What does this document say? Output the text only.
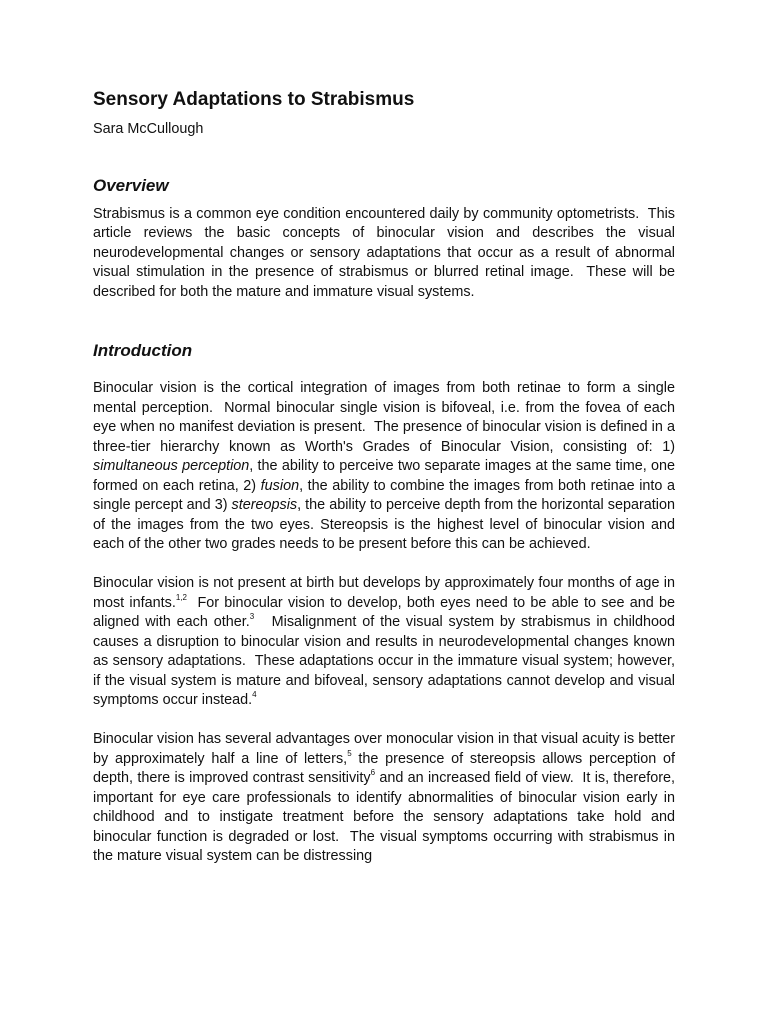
Sensory Adaptations to Strabismus
Sara McCullough
Overview

Strabismus is a common eye condition encountered daily by community optometrists.  This article reviews the basic concepts of binocular vision and describes the visual neurodevelopmental changes or sensory adaptations that occur as a result of abnormal visual stimulation in the presence of strabismus or blurred retinal image.  These will be described for both the mature and immature visual systems.

Introduction

Binocular vision is the cortical integration of images from both retinae to form a single mental perception.  Normal binocular single vision is bifoveal, i.e. from the fovea of each eye when no manifest deviation is present.  The presence of binocular vision is defined in a three-tier hierarchy known as Worth's Grades of Binocular Vision, consisting of: 1) simultaneous perception, the ability to perceive two separate images at the same time, one formed on each retina, 2) fusion, the ability to combine the images from both retinae into a single percept and 3) stereopsis, the ability to perceive depth from the horizontal separation of the images from the two eyes. Stereopsis is the highest level of binocular vision and each of the other two grades needs to be present before this can be achieved.

Binocular vision is not present at birth but develops by approximately four months of age in most infants.$^{1,2}$  For binocular vision to develop, both eyes need to be able to see and be aligned with each other.$^3$   Misalignment of the visual system by strabismus in childhood causes a disruption to binocular vision and results in neurodevelopmental changes known as sensory adaptations.  These adaptations occur in the immature visual system; however, if the visual system is mature and bifoveal, sensory adaptations cannot develop and visual symptoms occur instead.$^4$

Binocular vision has several advantages over monocular vision in that visual acuity is better by approximately half a line of letters,$^5$ the presence of stereopsis allows perception of depth, there is improved contrast sensitivity$^6$ and an increased field of view.  It is, therefore, important for eye care professionals to identify abnormalities of binocular vision early in childhood and to instigate treatment before the sensory adaptations take hold and binocular function is degraded or lost.  The visual symptoms occurring with strabismus in the mature visual system can be distressing
